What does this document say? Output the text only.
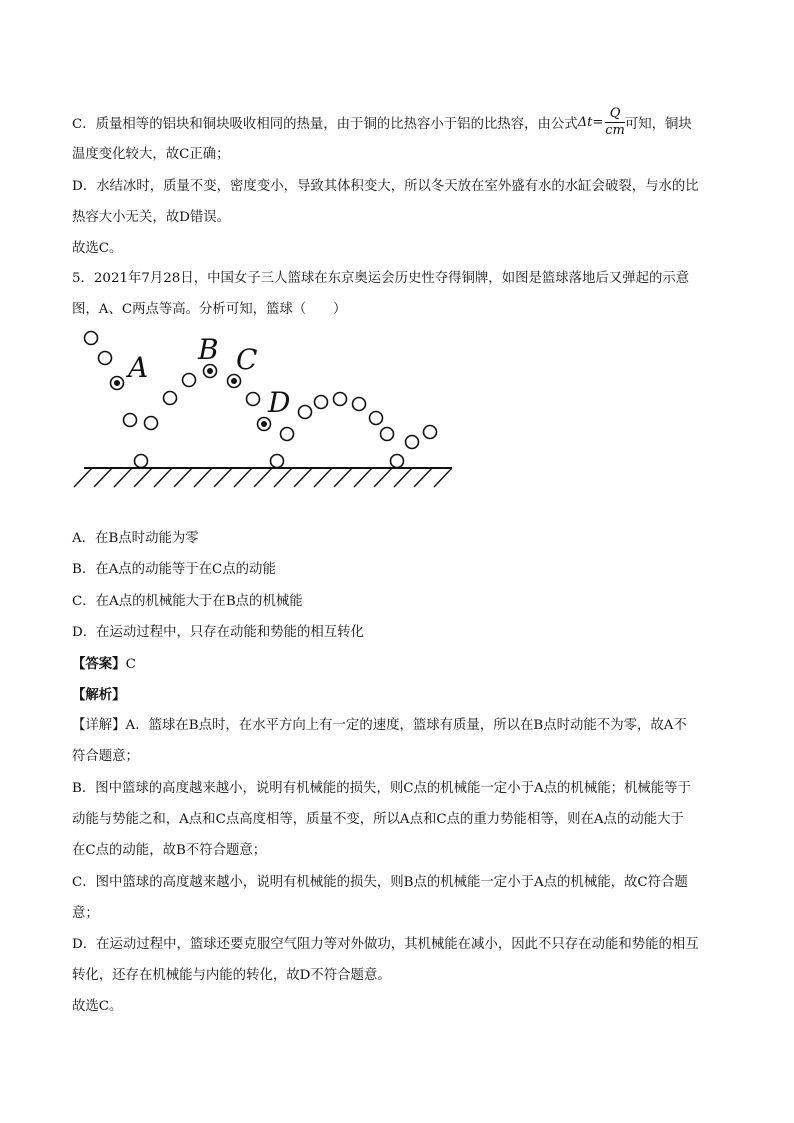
C．质量相等的铝块和铜块吸收相同的热量，由于铜的比热容小于铝的比热容，由公式$\Delta t= \frac{Q}{cm}$ 可知，铜块
温度变化较大，故C正确；
D．水结冰时，质量不变，密度变小，导致其体积变大，所以冬天放在室外盛有水的水缸会破裂，与水的比
热容大小无关，故D错误。
故选C。
5．2021年7月28日，中国女子三人篮球在东京奥运会历史性夺得铜牌，如图是篮球落地后又弹起的示意
图，A、C两点等高。分析可知，篮球（　　）
A
B C
D
A．在B点时动能为零
B．在A点的动能等于在C点的动能
C．在A点的机械能大于在B点的机械能
D．在运动过程中，只存在动能和势能的相互转化
【答案】C
【解析】
【详解】A．篮球在B点时，在水平方向上有一定的速度，篮球有质量，所以在B点时动能不为零，故A不
符合题意；
B．图中篮球的高度越来越小，说明有机械能的损失，则C点的机械能一定小于A点的机械能；机械能等于
动能与势能之和，A点和C点高度相等，质量不变，所以A点和C点的重力势能相等，则在A点的动能大于
在C点的动能，故B不符合题意；
C．图中篮球的高度越来越小，说明有机械能的损失，则B点的机械能一定小于A点的机械能，故C符合题
意；
D．在运动过程中，篮球还要克服空气阻力等对外做功，其机械能在减小，因此不只存在动能和势能的相互
转化，还存在机械能与内能的转化，故D不符合题意。
故选C。
